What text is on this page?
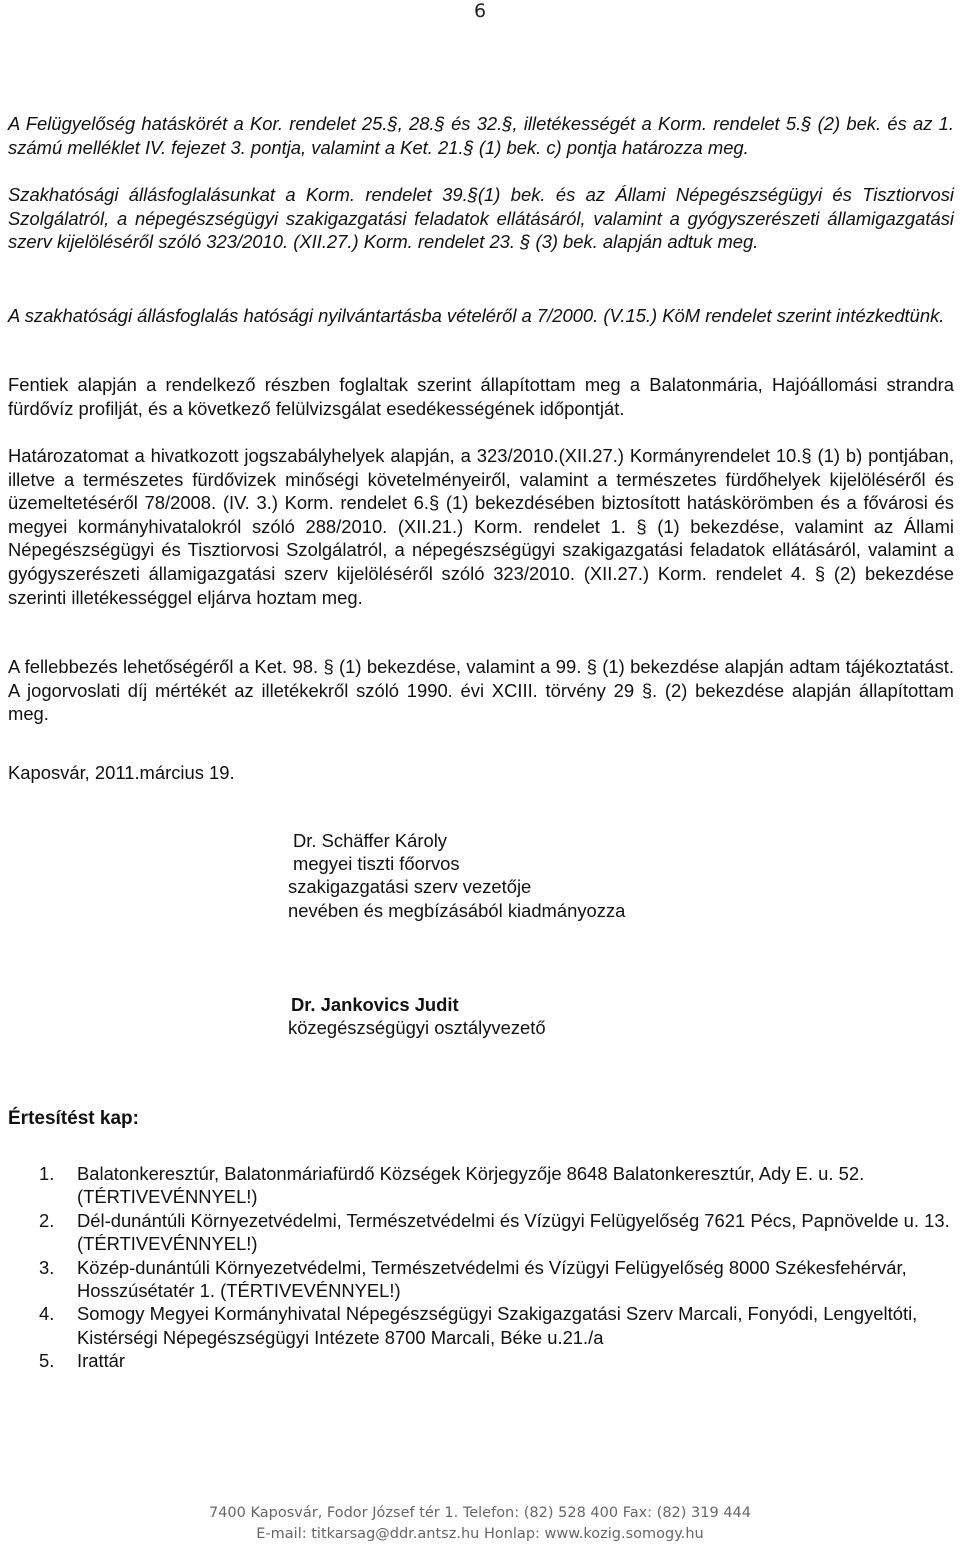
6
A Felügyelőség hatáskörét a Kor. rendelet 25.§, 28.§ és 32.§, illetékességét a Korm. rendelet 5.§ (2) bek. és az 1. számú melléklet IV. fejezet 3. pontja, valamint a Ket. 21.§ (1) bek. c) pontja határozza meg.
Szakhatósági állásfoglalásunkat a Korm. rendelet 39.§(1) bek. és az Állami Népegészségügyi és Tisztiorvosi Szolgálatról, a népegészségügyi szakigazgatási feladatok ellátásáról, valamint a gyógyszerészeti államigazgatási szerv kijelöléséről szóló 323/2010. (XII.27.) Korm. rendelet 23. § (3) bek. alapján adtuk meg.
A szakhatósági állásfoglalás hatósági nyilvántartásba vételéről a 7/2000. (V.15.) KöM rendelet szerint intézkedtünk.
Fentiek alapján a rendelkező részben foglaltak szerint állapítottam meg a Balatonmária, Hajóállomási strandra fürdővíz profilját, és a következő felülvizsgálat esedékességének időpontját.
Határozatomat a hivatkozott jogszabályhelyek alapján, a 323/2010.(XII.27.) Kormányrendelet 10.§ (1) b) pontjában, illetve a természetes fürdővizek minőségi követelményeiről, valamint a természetes fürdőhelyek kijelöléséről és üzemeltetéséről 78/2008. (IV. 3.) Korm. rendelet 6.§ (1) bekezdésében biztosított hatáskörömben és a fővárosi és megyei kormányhivatalokról szóló 288/2010. (XII.21.) Korm. rendelet 1. § (1) bekezdése, valamint az Állami Népegészségügyi és Tisztiorvosi Szolgálatról, a népegészségügyi szakigazgatási feladatok ellátásáról, valamint a gyógyszerészeti államigazgatási szerv kijelöléséről szóló 323/2010. (XII.27.) Korm. rendelet 4. § (2) bekezdése szerinti illetékességgel eljárva hoztam meg.
A fellebbezés lehetőségéről a Ket. 98. § (1) bekezdése, valamint a 99. § (1) bekezdése alapján adtam tájékoztatást. A jogorvoslati díj mértékét az illetékekről szóló 1990. évi XCIII. törvény 29 §. (2) bekezdése alapján állapítottam meg.
Kaposvár, 2011.március 19.
Dr. Schäffer Károly
megyei tiszti főorvos
szakigazgatási szerv vezetője
nevében és megbízásából kiadmányozza
Dr. Jankovics Judit
közegészségügyi osztályvezető
Értesítést kap:
1. Balatonkeresztúr, Balatonmáriafürdő Községek Körjegyzője 8648 Balatonkeresztúr, Ady E. u. 52. (TÉRTIVEVÉNNYEL!)
2. Dél-dunántúli Környezetvédelmi, Természetvédelmi és Vízügyi Felügyelőség 7621 Pécs, Papnövelde u. 13. (TÉRTIVEVÉNNYEL!)
3. Közép-dunántúli Környezetvédelmi, Természetvédelmi és Vízügyi Felügyelőség 8000 Székesfehérvár, Hosszúsétatér 1. (TÉRTIVEVÉNNYEL!)
4. Somogy Megyei Kormányhivatal Népegészségügyi Szakigazgatási Szerv Marcali, Fonyódi, Lengyeltóti, Kistérségi Népegészségügyi Intézete 8700 Marcali, Béke u.21./a
5. Irattár
7400 Kaposvár, Fodor József tér 1. Telefon: (82) 528 400 Fax: (82) 319 444
E-mail: titkarsag@ddr.antsz.hu Honlap: www.kozig.somogy.hu
